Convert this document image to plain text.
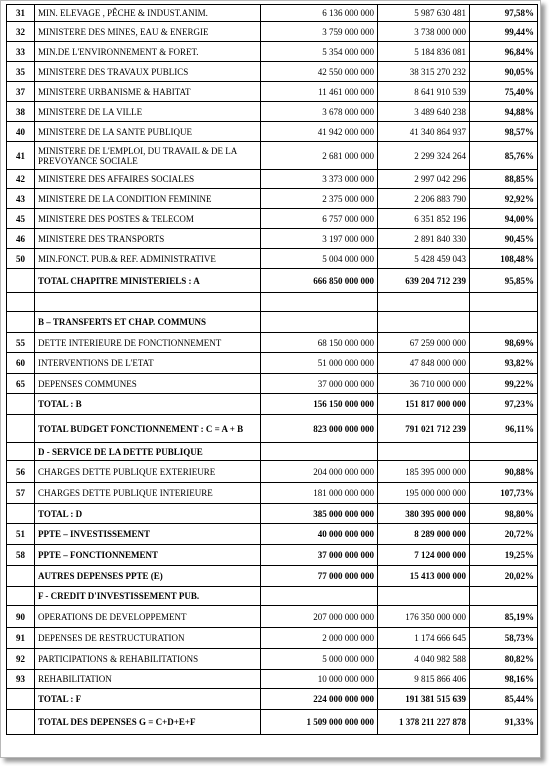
31	MIN. ELEVAGE , PÊCHE & INDUST.ANIM.	6 136 000 000	5 987 630 481	97,58%
32	MINISTERE DES MINES, EAU & ENERGIE	3 759 000 000	3 738 000 000	99,44%
33	MIN.DE L'ENVIRONNEMENT & FORET.	5 354 000 000	5 184 836 081	96,84%
35	MINISTERE DES TRAVAUX PUBLICS	42 550 000 000	38 315 270 232	90,05%
37	MINISTERE URBANISME & HABITAT	11 461 000 000	8 641 910 539	75,40%
38	MINISTERE DE LA VILLE	3 678 000 000	3 489 640 238	94,88%
40	MINISTERE DE LA SANTE PUBLIQUE	41 942 000 000	41 340 864 937	98,57%
41	MINISTERE DE L'EMPLOI, DU TRAVAIL & DE LA PREVOYANCE SOCIALE	2 681 000 000	2 299 324 264	85,76%
42	MINISTERE DES AFFAIRES SOCIALES	3 373 000 000	2 997 042 296	88,85%
43	MINISTERE DE LA CONDITION FEMININE	2 375 000 000	2 206 883 790	92,92%
45	MINISTERE DES POSTES & TELECOM	6 757 000 000	6 351 852 196	94,00%
46	MINISTERE DES TRANSPORTS	3 197 000 000	2 891 840 330	90,45%
50	MIN.FONCT. PUB.& REF. ADMINISTRATIVE	5 004 000 000	5 428 459 043	108,48%
	TOTAL CHAPITRE MINISTERIELS : A	666 850 000 000	639 204 712 239	95,85%

	B – TRANSFERTS ET CHAP. COMMUNS			
55	DETTE INTERIEURE DE FONCTIONNEMENT	68 150 000 000	67 259 000 000	98,69%
60	INTERVENTIONS DE L'ETAT	51 000 000 000	47 848 000 000	93,82%
65	DEPENSES COMMUNES	37 000 000 000	36 710 000 000	99,22%
	TOTAL : B	156 150 000 000	151 817 000 000	97,23%
	TOTAL BUDGET FONCTIONNEMENT : C = A + B	823 000 000 000	791 021 712 239	96,11%
	D - SERVICE DE LA DETTE PUBLIQUE			
56	CHARGES DETTE PUBLIQUE EXTERIEURE	204 000 000 000	185 395 000 000	90,88%
57	CHARGES DETTE PUBLIQUE INTERIEURE	181 000 000 000	195 000 000 000	107,73%
	TOTAL : D	385 000 000 000	380 395 000 000	98,80%
51	PPTE – INVESTISSEMENT	40 000 000 000	8 289 000 000	20,72%
58	PPTE – FONCTIONNEMENT	37 000 000 000	7 124 000 000	19,25%
	AUTRES DEPENSES PPTE (E)	77 000 000 000	15 413 000 000	20,02%
	F - CREDIT D'INVESTISSEMENT PUB.			
90	OPERATIONS DE DEVELOPPEMENT	207 000 000 000	176 350 000 000	85,19%
91	DEPENSES DE RESTRUCTURATION	2 000 000 000	1 174 666 645	58,73%
92	PARTICIPATIONS & REHABILITATIONS	5 000 000 000	4 040 982 588	80,82%
93	REHABILITATION	10 000 000 000	9 815 866 406	98,16%
	TOTAL : F	224 000 000 000	191 381 515 639	85,44%
	TOTAL DES DEPENSES G = C+D+E+F	1 509 000 000 000	1 378 211 227 878	91,33%
